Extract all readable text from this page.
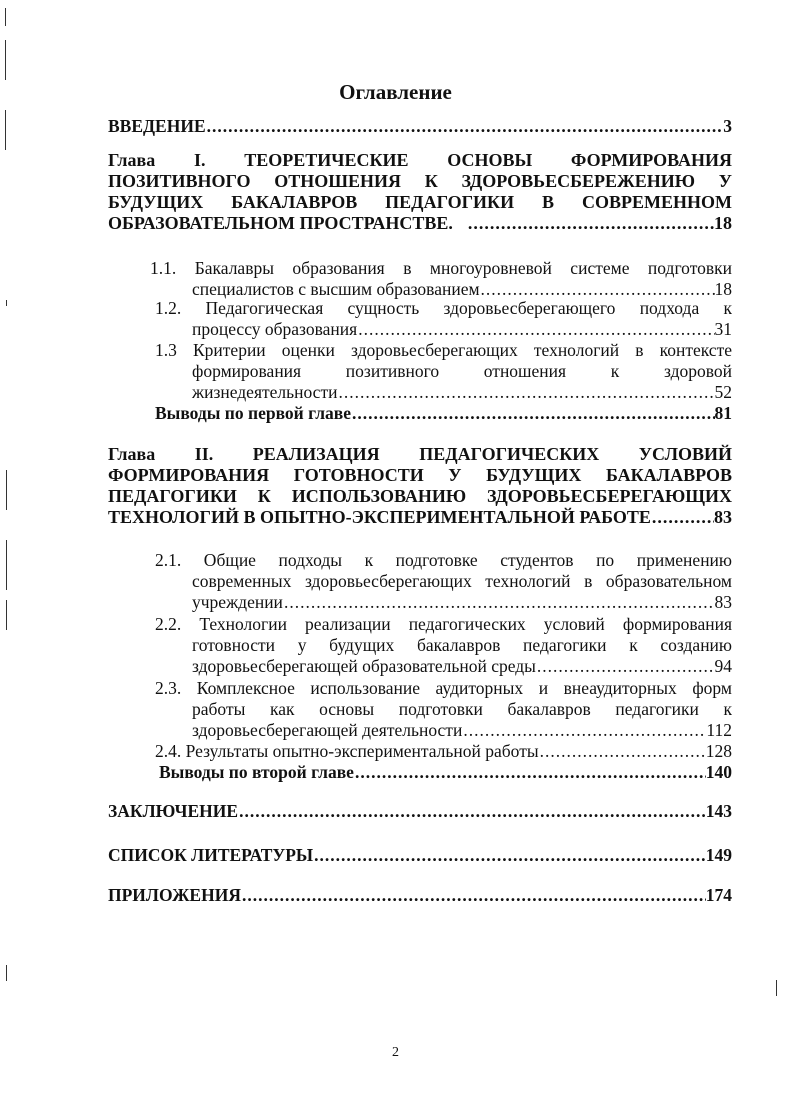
Оглавление
ВВЕДЕНИЕ .....	3
Глава I. ТЕОРЕТИЧЕСКИЕ ОСНОВЫ ФОРМИРОВАНИЯ
ПОЗИТИВНОГО ОТНОШЕНИЯ К ЗДОРОВЬЕСБЕРЕЖЕНИЮ У
БУДУЩИХ БАКАЛАВРОВ ПЕДАГОГИКИ В СОВРЕМЕННОМ
ОБРАЗОВАТЕЛЬНОМ ПРОСТРАНСТВЕ. .....	18
1.1. Бакалавры образования в многоуровневой системе подготовки
специалистов с высшим образованием .....	18
1.2. Педагогическая сущность здоровьесберегающего подхода к
процессу образования .....	31
1.3 Критерии оценки здоровьесберегающих технологий в контексте
формирования позитивного отношения к здоровой
жизнедеятельности .....	52
Выводы по первой главе .....	81
Глава II. РЕАЛИЗАЦИЯ ПЕДАГОГИЧЕСКИХ УСЛОВИЙ
ФОРМИРОВАНИЯ ГОТОВНОСТИ У БУДУЩИХ БАКАЛАВРОВ
ПЕДАГОГИКИ К ИСПОЛЬЗОВАНИЮ ЗДОРОВЬЕСБЕРЕГАЮЩИХ
ТЕХНОЛОГИЙ В ОПЫТНО-ЭКСПЕРИМЕНТАЛЬНОЙ РАБОТЕ .....	83
2.1. Общие подходы к подготовке студентов по применению
современных здоровьесберегающих технологий в образовательном
учреждении .....	83
2.2. Технологии реализации педагогических условий формирования
готовности у будущих бакалавров педагогики к созданию
здоровьесберегающей образовательной среды .....	94
2.3. Комплексное использование аудиторных и внеаудиторных форм
работы как основы подготовки бакалавров педагогики к
здоровьесберегающей деятельности .....	112
2.4. Результаты опытно-экспериментальной работы .....	128
Выводы по второй главе .....	140
ЗАКЛЮЧЕНИЕ .....	143
СПИСОК ЛИТЕРАТУРЫ .....	149
ПРИЛОЖЕНИЯ .....	174
2
